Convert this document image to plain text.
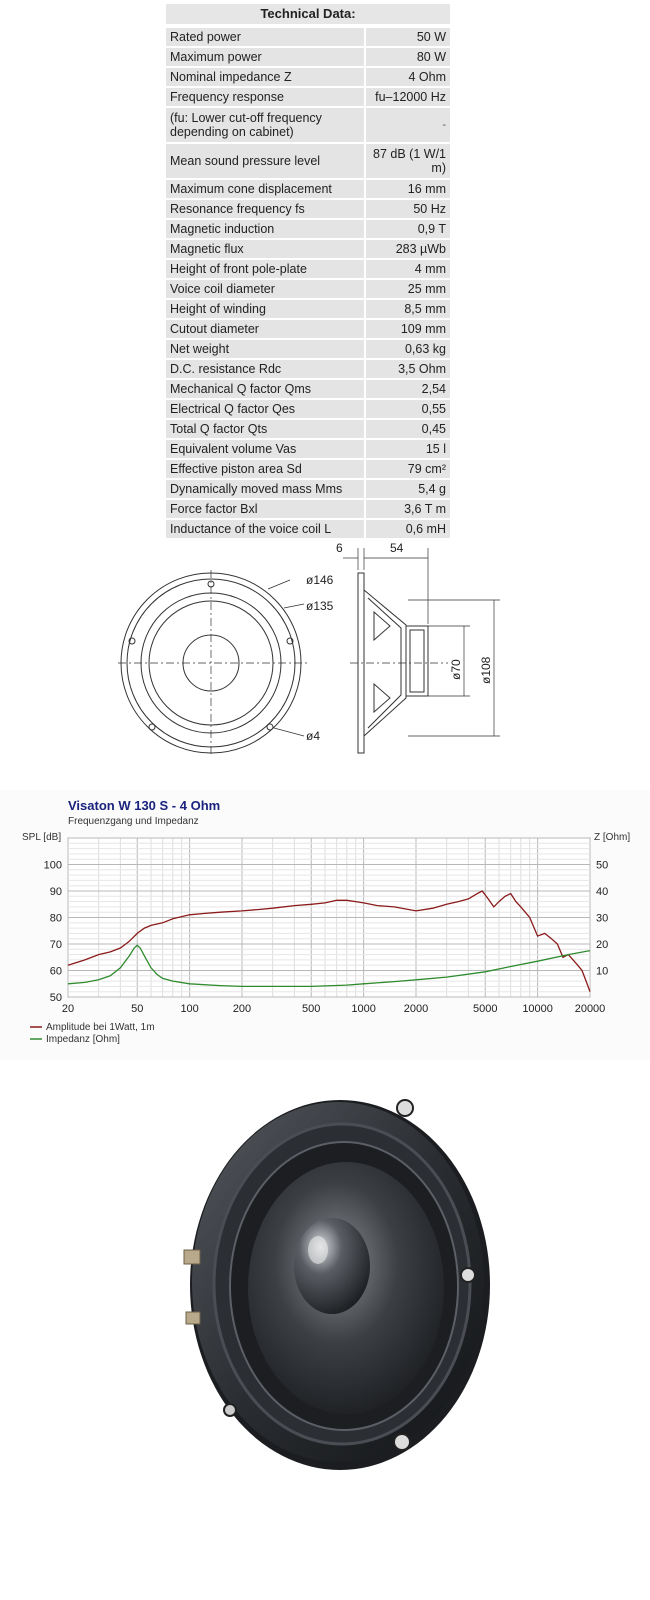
Technical Data:
Rated power	50 W
Maximum power	80 W
Nominal impedance Z	4 Ohm
Frequency response	fu–12000 Hz
(fu: Lower cut-off frequency depending on cabinet)	-
Mean sound pressure level	87 dB (1 W/1 m)
Maximum cone displacement	16 mm
Resonance frequency fs	50 Hz
Magnetic induction	0,9 T
Magnetic flux	283 µWb
Height of front pole-plate	4 mm
Voice coil diameter	25 mm
Height of winding	8,5 mm
Cutout diameter	109 mm
Net weight	0,63 kg
D.C. resistance Rdc	3,5 Ohm
Mechanical Q factor Qms	2,54
Electrical Q factor Qes	0,55
Total Q factor Qts	0,45
Equivalent volume Vas	15 l
Effective piston area Sd	79 cm²
Dynamically moved mass Mms	5,4 g
Force factor Bxl	3,6 T m
Inductance of the voice coil L	0,6 mH
ø146
ø135
ø4
6	54
ø70 ø108
Visaton W 130 S - 4 Ohm
Frequenzgang und Impedanz
SPL [dB]	Z [Ohm]
20	50	100	200	500	1000	2000	5000 10000 20000
50
60
70
80
90
100
10
20
30
40
50
Amplitude bei 1Watt, 1m
Impedanz [Ohm]
